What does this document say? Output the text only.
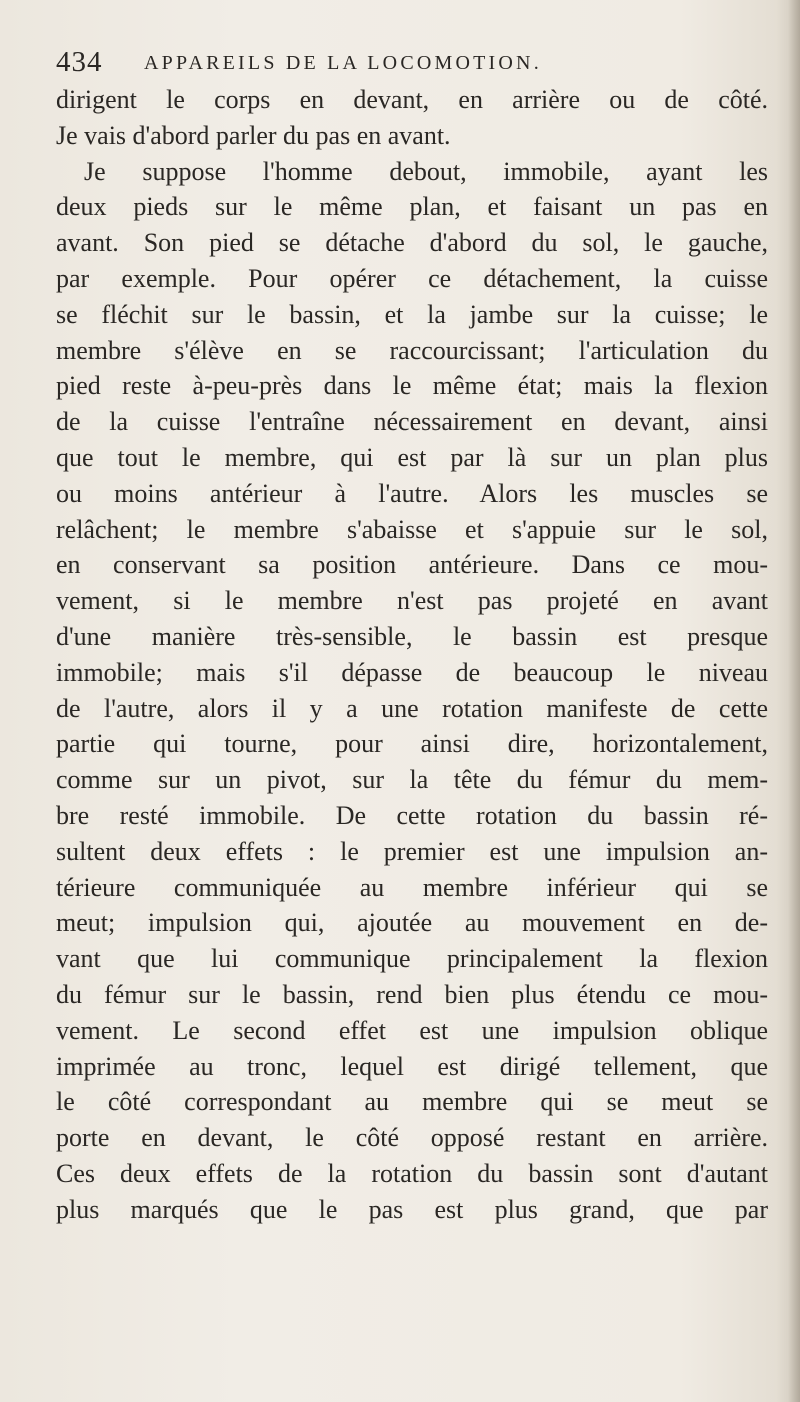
434 APPAREILS DE LA LOCOMOTION.
dirigent le corps en devant, en arrière ou de côté.
Je vais d'abord parler du pas en avant.
Je suppose l'homme debout, immobile, ayant les
deux pieds sur le même plan, et faisant un pas en
avant. Son pied se détache d'abord du sol, le gauche,
par exemple. Pour opérer ce détachement, la cuisse
se fléchit sur le bassin, et la jambe sur la cuisse; le
membre s'élève en se raccourcissant; l'articulation du
pied reste à-peu-près dans le même état; mais la flexion
de la cuisse l'entraîne nécessairement en devant, ainsi
que tout le membre, qui est par là sur un plan plus
ou moins antérieur à l'autre. Alors les muscles se
relâchent; le membre s'abaisse et s'appuie sur le sol,
en conservant sa position antérieure. Dans ce mou-
vement, si le membre n'est pas projeté en avant
d'une manière très-sensible, le bassin est presque
immobile; mais s'il dépasse de beaucoup le niveau
de l'autre, alors il y a une rotation manifeste de cette
partie qui tourne, pour ainsi dire, horizontalement,
comme sur un pivot, sur la tête du fémur du mem-
bre resté immobile. De cette rotation du bassin ré-
sultent deux effets : le premier est une impulsion an-
térieure communiquée au membre inférieur qui se
meut; impulsion qui, ajoutée au mouvement en de-
vant que lui communique principalement la flexion
du fémur sur le bassin, rend bien plus étendu ce mou-
vement. Le second effet est une impulsion oblique
imprimée au tronc, lequel est dirigé tellement, que
le côté correspondant au membre qui se meut se
porte en devant, le côté opposé restant en arrière.
Ces deux effets de la rotation du bassin sont d'autant
plus marqués que le pas est plus grand, que par
